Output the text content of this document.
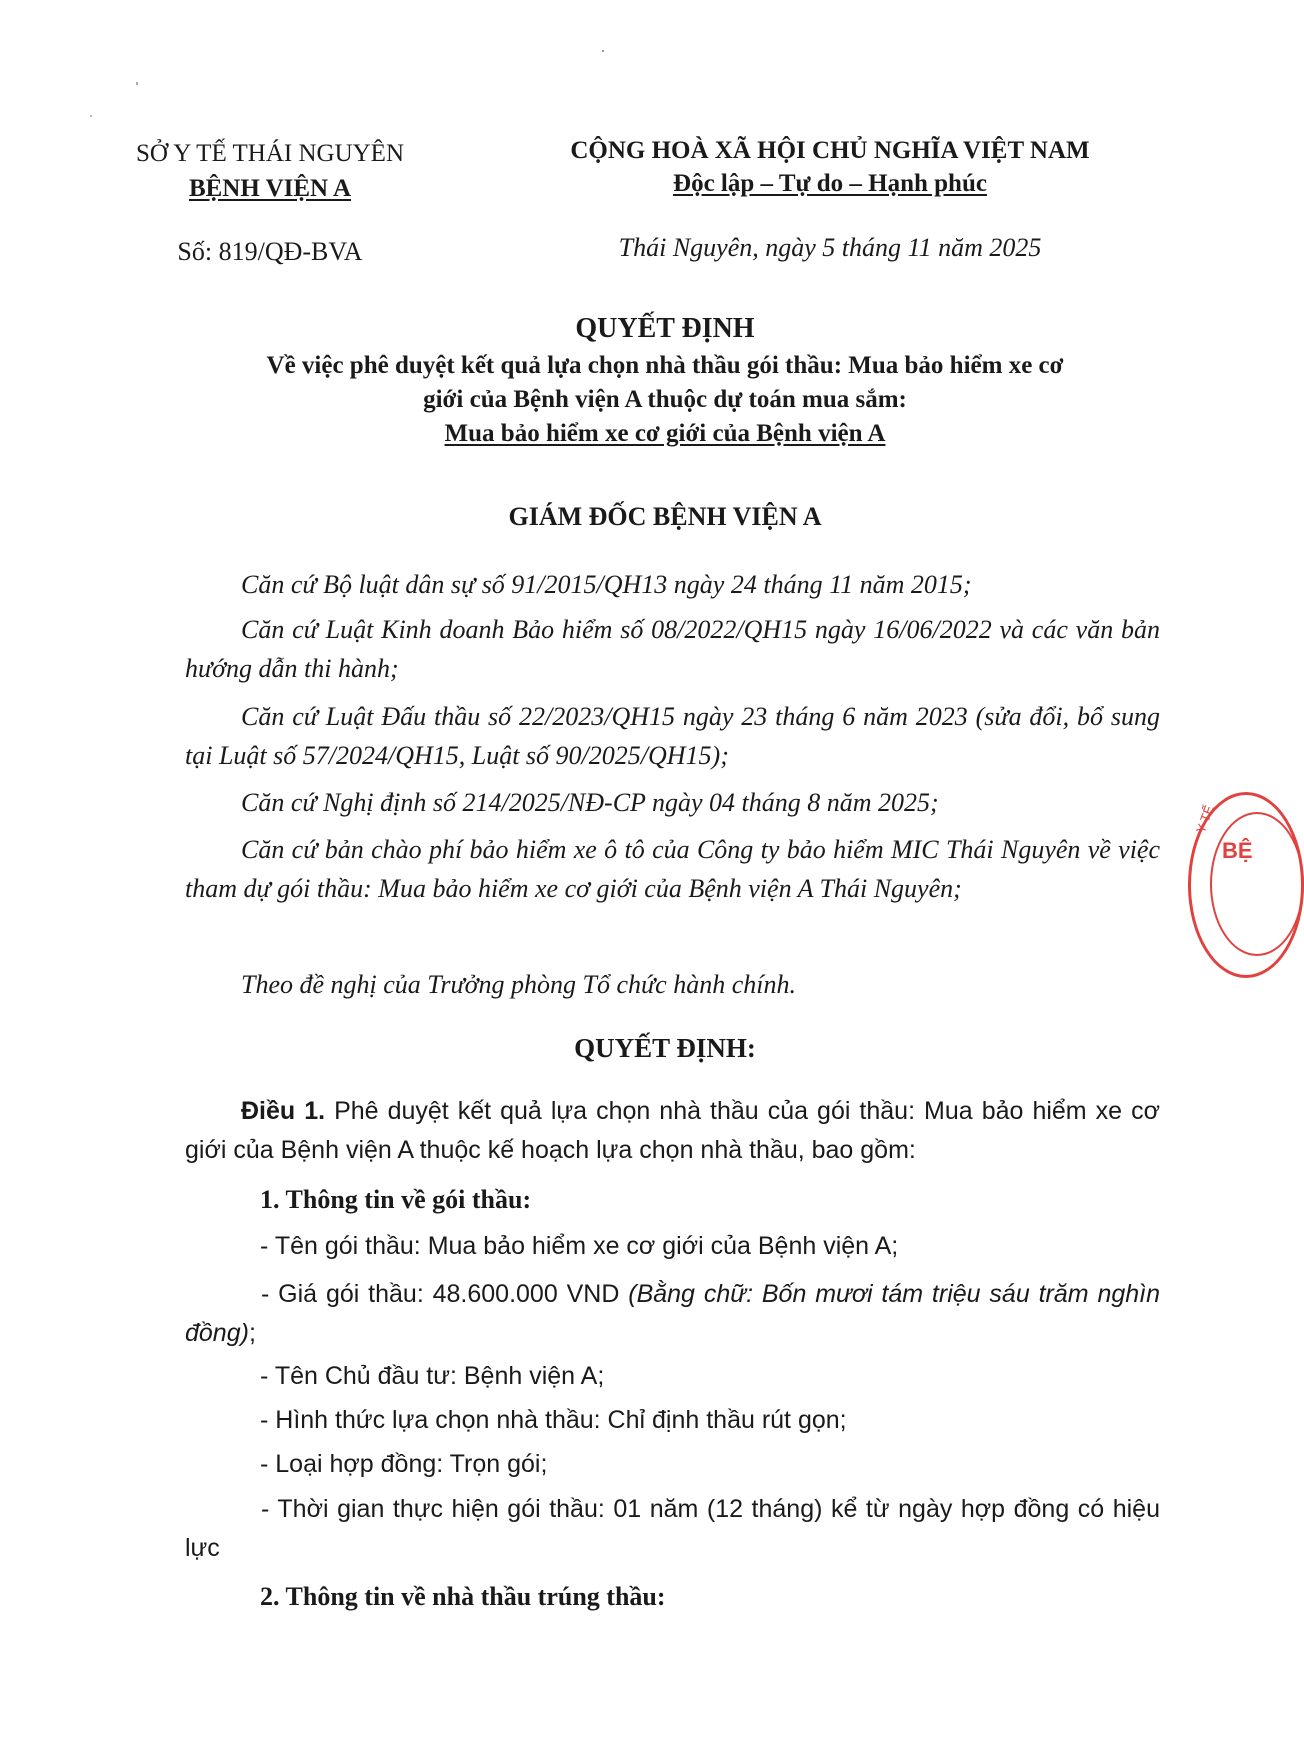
SỞ Y TẾ THÁI NGUYÊN
BỆNH VIỆN A
Số: 819/QĐ-BVA
CỘNG HOÀ XÃ HỘI CHỦ NGHĨA VIỆT NAM
Độc lập – Tự do – Hạnh phúc
Thái Nguyên, ngày 5 tháng 11 năm 2025
QUYẾT ĐỊNH
Về việc phê duyệt kết quả lựa chọn nhà thầu gói thầu: Mua bảo hiểm xe cơ
giới của Bệnh viện A thuộc dự toán mua sắm:
Mua bảo hiểm xe cơ giới của Bệnh viện A
GIÁM ĐỐC BỆNH VIỆN A
Căn cứ Bộ luật dân sự số 91/2015/QH13 ngày 24 tháng 11 năm 2015;
Căn cứ Luật Kinh doanh Bảo hiểm số 08/2022/QH15 ngày 16/06/2022 và các văn bản hướng dẫn thi hành;
Căn cứ Luật Đấu thầu số 22/2023/QH15 ngày 23 tháng 6 năm 2023 (sửa đổi, bổ sung tại Luật số 57/2024/QH15, Luật số 90/2025/QH15);
Căn cứ Nghị định số 214/2025/NĐ-CP ngày 04 tháng 8 năm 2025;
Căn cứ bản chào phí bảo hiểm xe ô tô của Công ty bảo hiểm MIC Thái Nguyên về việc tham dự gói thầu: Mua bảo hiểm xe cơ giới của Bệnh viện A Thái Nguyên;
Theo đề nghị của Trưởng phòng Tổ chức hành chính.
QUYẾT ĐỊNH:
Điều 1. Phê duyệt kết quả lựa chọn nhà thầu của gói thầu: Mua bảo hiểm xe cơ giới của Bệnh viện A thuộc kế hoạch lựa chọn nhà thầu, bao gồm:
1. Thông tin về gói thầu:
- Tên gói thầu: Mua bảo hiểm xe cơ giới của Bệnh viện A;
- Giá gói thầu: 48.600.000 VND (Bằng chữ: Bốn mươi tám triệu sáu trăm nghìn đồng);
- Tên Chủ đầu tư: Bệnh viện A;
- Hình thức lựa chọn nhà thầu: Chỉ định thầu rút gọn;
- Loại hợp đồng: Trọn gói;
- Thời gian thực hiện gói thầu: 01 năm (12 tháng) kể từ ngày hợp đồng có hiệu lực
2. Thông tin về nhà thầu trúng thầu:
BỆ
Y TẾ
